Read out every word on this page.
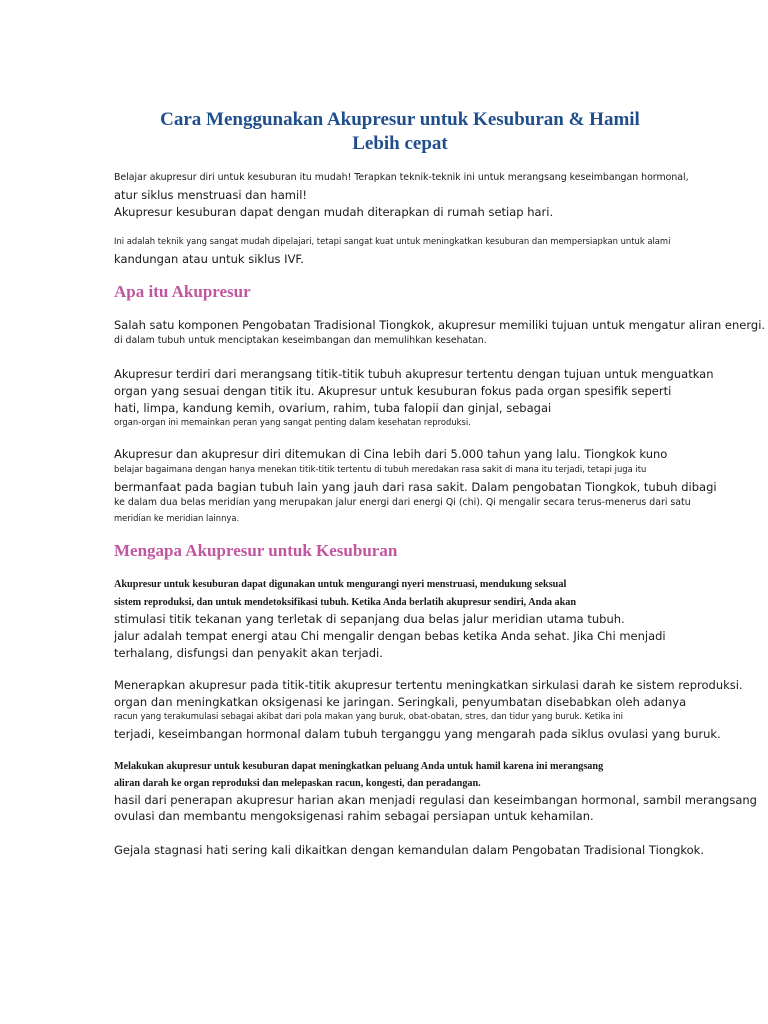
Cara Menggunakan Akupresur untuk Kesuburan & Hamil
Lebih cepat
Belajar akupresur diri untuk kesuburan itu mudah! Terapkan teknik-teknik ini untuk merangsang keseimbangan hormonal,
atur siklus menstruasi dan hamil!
Akupresur kesuburan dapat dengan mudah diterapkan di rumah setiap hari.
Ini adalah teknik yang sangat mudah dipelajari, tetapi sangat kuat untuk meningkatkan kesuburan dan mempersiapkan untuk alami
kandungan atau untuk siklus IVF.
Apa itu Akupresur
Salah satu komponen Pengobatan Tradisional Tiongkok, akupresur memiliki tujuan untuk mengatur aliran energi.
di dalam tubuh untuk menciptakan keseimbangan dan memulihkan kesehatan.
Akupresur terdiri dari merangsang titik-titik tubuh akupresur tertentu dengan tujuan untuk menguatkan
organ yang sesuai dengan titik itu. Akupresur untuk kesuburan fokus pada organ spesifik seperti
hati, limpa, kandung kemih, ovarium, rahim, tuba falopii dan ginjal, sebagai
organ-organ ini memainkan peran yang sangat penting dalam kesehatan reproduksi.
Akupresur dan akupresur diri ditemukan di Cina lebih dari 5.000 tahun yang lalu. Tiongkok kuno
belajar bagaimana dengan hanya menekan titik-titik tertentu di tubuh meredakan rasa sakit di mana itu terjadi, tetapi juga itu
bermanfaat pada bagian tubuh lain yang jauh dari rasa sakit. Dalam pengobatan Tiongkok, tubuh dibagi
ke dalam dua belas meridian yang merupakan jalur energi dari energi Qi (chi). Qi mengalir secara terus-menerus dari satu
meridian ke meridian lainnya.
Mengapa Akupresur untuk Kesuburan
Akupresur untuk kesuburan dapat digunakan untuk mengurangi nyeri menstruasi, mendukung seksual
sistem reproduksi, dan untuk mendetoksifikasi tubuh. Ketika Anda berlatih akupresur sendiri, Anda akan
stimulasi titik tekanan yang terletak di sepanjang dua belas jalur meridian utama tubuh.
jalur adalah tempat energi atau Chi mengalir dengan bebas ketika Anda sehat. Jika Chi menjadi
terhalang, disfungsi dan penyakit akan terjadi.
Menerapkan akupresur pada titik-titik akupresur tertentu meningkatkan sirkulasi darah ke sistem reproduksi.
organ dan meningkatkan oksigenasi ke jaringan. Seringkali, penyumbatan disebabkan oleh adanya
racun yang terakumulasi sebagai akibat dari pola makan yang buruk, obat-obatan, stres, dan tidur yang buruk. Ketika ini
terjadi, keseimbangan hormonal dalam tubuh terganggu yang mengarah pada siklus ovulasi yang buruk.
Melakukan akupresur untuk kesuburan dapat meningkatkan peluang Anda untuk hamil karena ini merangsang
aliran darah ke organ reproduksi dan melepaskan racun, kongesti, dan peradangan.
hasil dari penerapan akupresur harian akan menjadi regulasi dan keseimbangan hormonal, sambil merangsang
ovulasi dan membantu mengoksigenasi rahim sebagai persiapan untuk kehamilan.
Gejala stagnasi hati sering kali dikaitkan dengan kemandulan dalam Pengobatan Tradisional Tiongkok.
